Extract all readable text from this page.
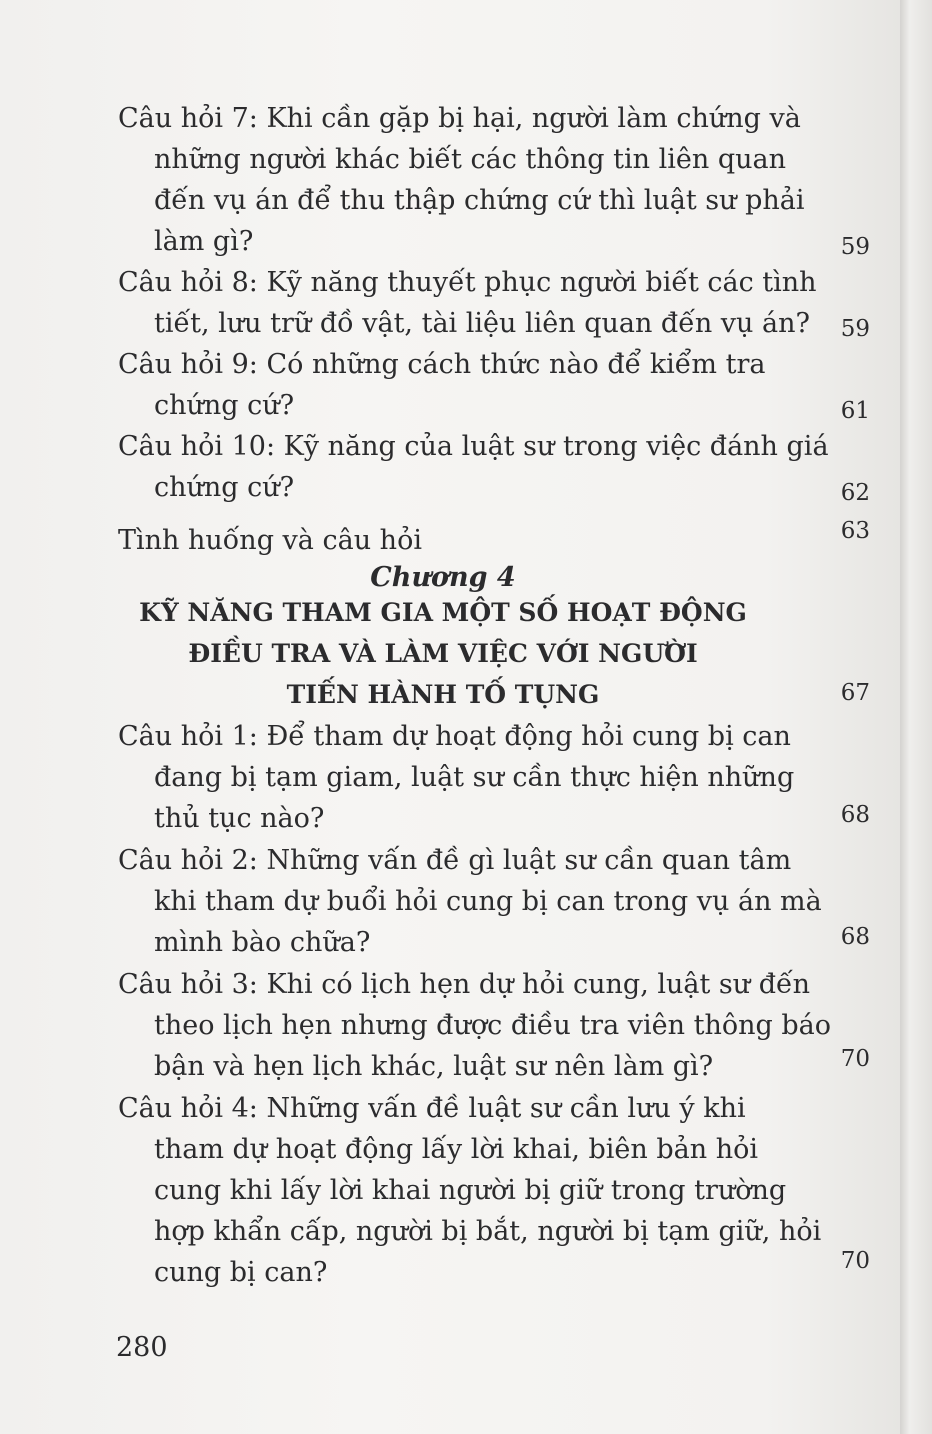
Câu hỏi 7: Khi cần gặp bị hại, người làm chứng và
những người khác biết các thông tin liên quan
đến vụ án để thu thập chứng cứ thì luật sư phải
làm gì?	59
Câu hỏi 8: Kỹ năng thuyết phục người biết các tình
tiết, lưu trữ đồ vật, tài liệu liên quan đến vụ án?	59
Câu hỏi 9: Có những cách thức nào để kiểm tra
chứng cứ?	61
Câu hỏi 10: Kỹ năng của luật sư trong việc đánh giá
chứng cứ?	62
Tình huống và câu hỏi	63
Chương 4
KỸ NĂNG THAM GIA MỘT SỐ HOẠT ĐỘNG
ĐIỀU TRA VÀ LÀM VIỆC VỚI NGƯỜI
TIẾN HÀNH TỐ TỤNG	67
Câu hỏi 1: Để tham dự hoạt động hỏi cung bị can
đang bị tạm giam, luật sư cần thực hiện những
thủ tục nào?	68
Câu hỏi 2: Những vấn đề gì luật sư cần quan tâm
khi tham dự buổi hỏi cung bị can trong vụ án mà
mình bào chữa?	68
Câu hỏi 3: Khi có lịch hẹn dự hỏi cung, luật sư đến
theo lịch hẹn nhưng được điều tra viên thông báo
bận và hẹn lịch khác, luật sư nên làm gì?	70
Câu hỏi 4: Những vấn đề luật sư cần lưu ý khi
tham dự hoạt động lấy lời khai, biên bản hỏi
cung khi lấy lời khai người bị giữ trong trường
hợp khẩn cấp, người bị bắt, người bị tạm giữ, hỏi
cung bị can?	70
280
